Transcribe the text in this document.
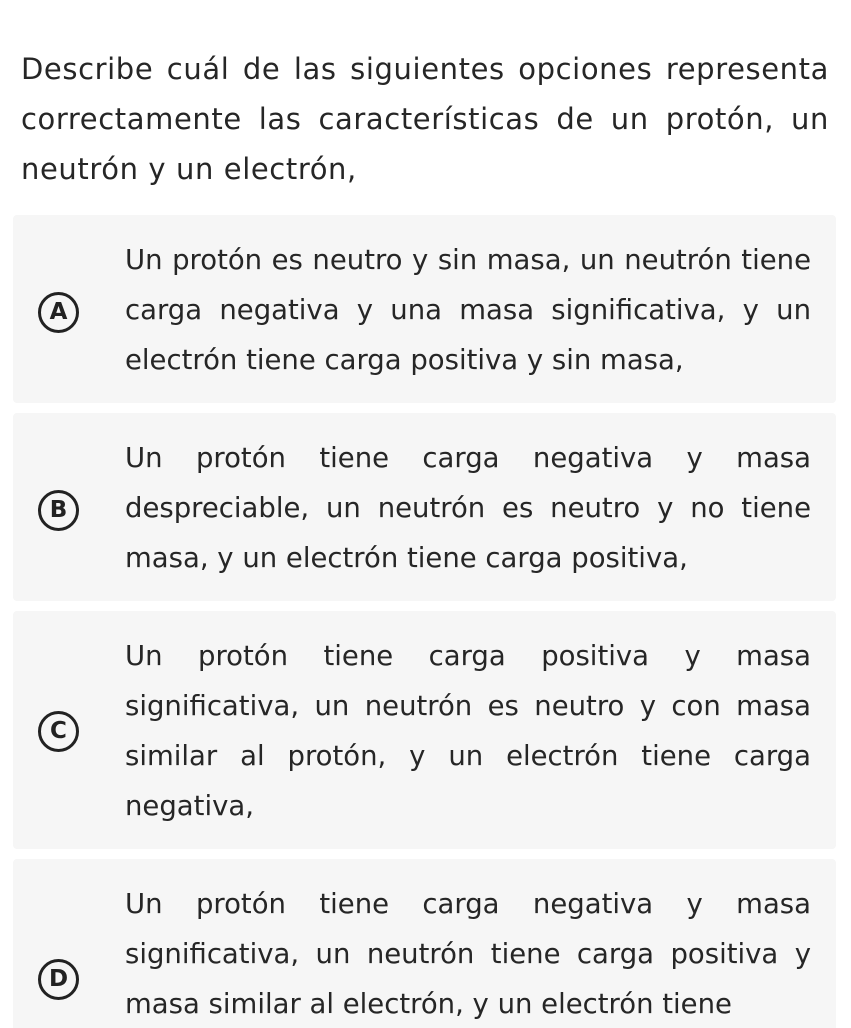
Describe cuál de las siguientes opciones representa correctamente las características de un protón, un neutrón y un electrón,

A

Un protón es neutro y sin masa, un neutrón tiene carga negativa y una masa significativa, y un electrón tiene carga positiva y sin masa,

B

Un protón tiene carga negativa y masa despreciable, un neutrón es neutro y no tiene masa, y un electrón tiene carga positiva,

C

Un protón tiene carga positiva y masa significativa, un neutrón es neutro y con masa similar al protón, y un electrón tiene carga negativa,

D

Un protón tiene carga negativa y masa significativa, un neutrón tiene carga positiva y masa similar al electrón, y un electrón tiene
